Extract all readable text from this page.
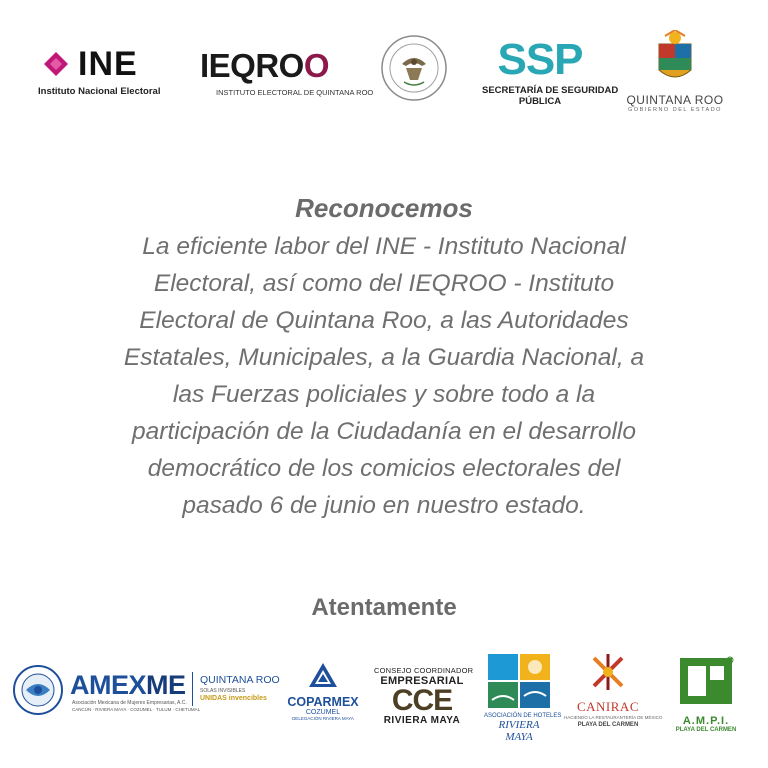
INE
Instituto Nacional Electoral
IEQROO
INSTITUTO ELECTORAL DE QUINTANA ROO
SSP
SECRETARÍA DE SEGURIDAD
PÚBLICA	QUINTANA ROO
GOBIERNO DEL ESTADO
Reconocemos
La eficiente labor del INE - Instituto Nacional
Electoral, así como del IEQROO - Instituto
Electoral de Quintana Roo, a las Autoridades
Estatales, Municipales, a la Guardia Nacional, a
las Fuerzas policiales y sobre todo a la
participación de la Ciudadanía en el desarrollo
democrático de los comicios electorales del
pasado 6 de junio en nuestro estado.
Atentamente
AMEXME
Asociación Mexicana de Mujeres Empresarias, A.C.
CANCÚN · RIVIERA MAYA · COZUMEL · TULUM · CHETUMAL
QUINTANA ROO
SOLAS INVISIBLES
UNIDAS invencibles	COPARMEX
COZUMEL
DELEGACIÓN RIVIERA MAYA
CONSEJO COORDINADOR
EMPRESARIAL
CCE
RIVIERA MAYA	ASOCIACIÓN DE HOTELES
RIVIERA MAYA
CANIRAC
HACIENDO LA RESTAURANTERÍA DE MÉXICO
PLAYA DEL CARMEN	A.M.P.I.
PLAYA DEL CARMEN
